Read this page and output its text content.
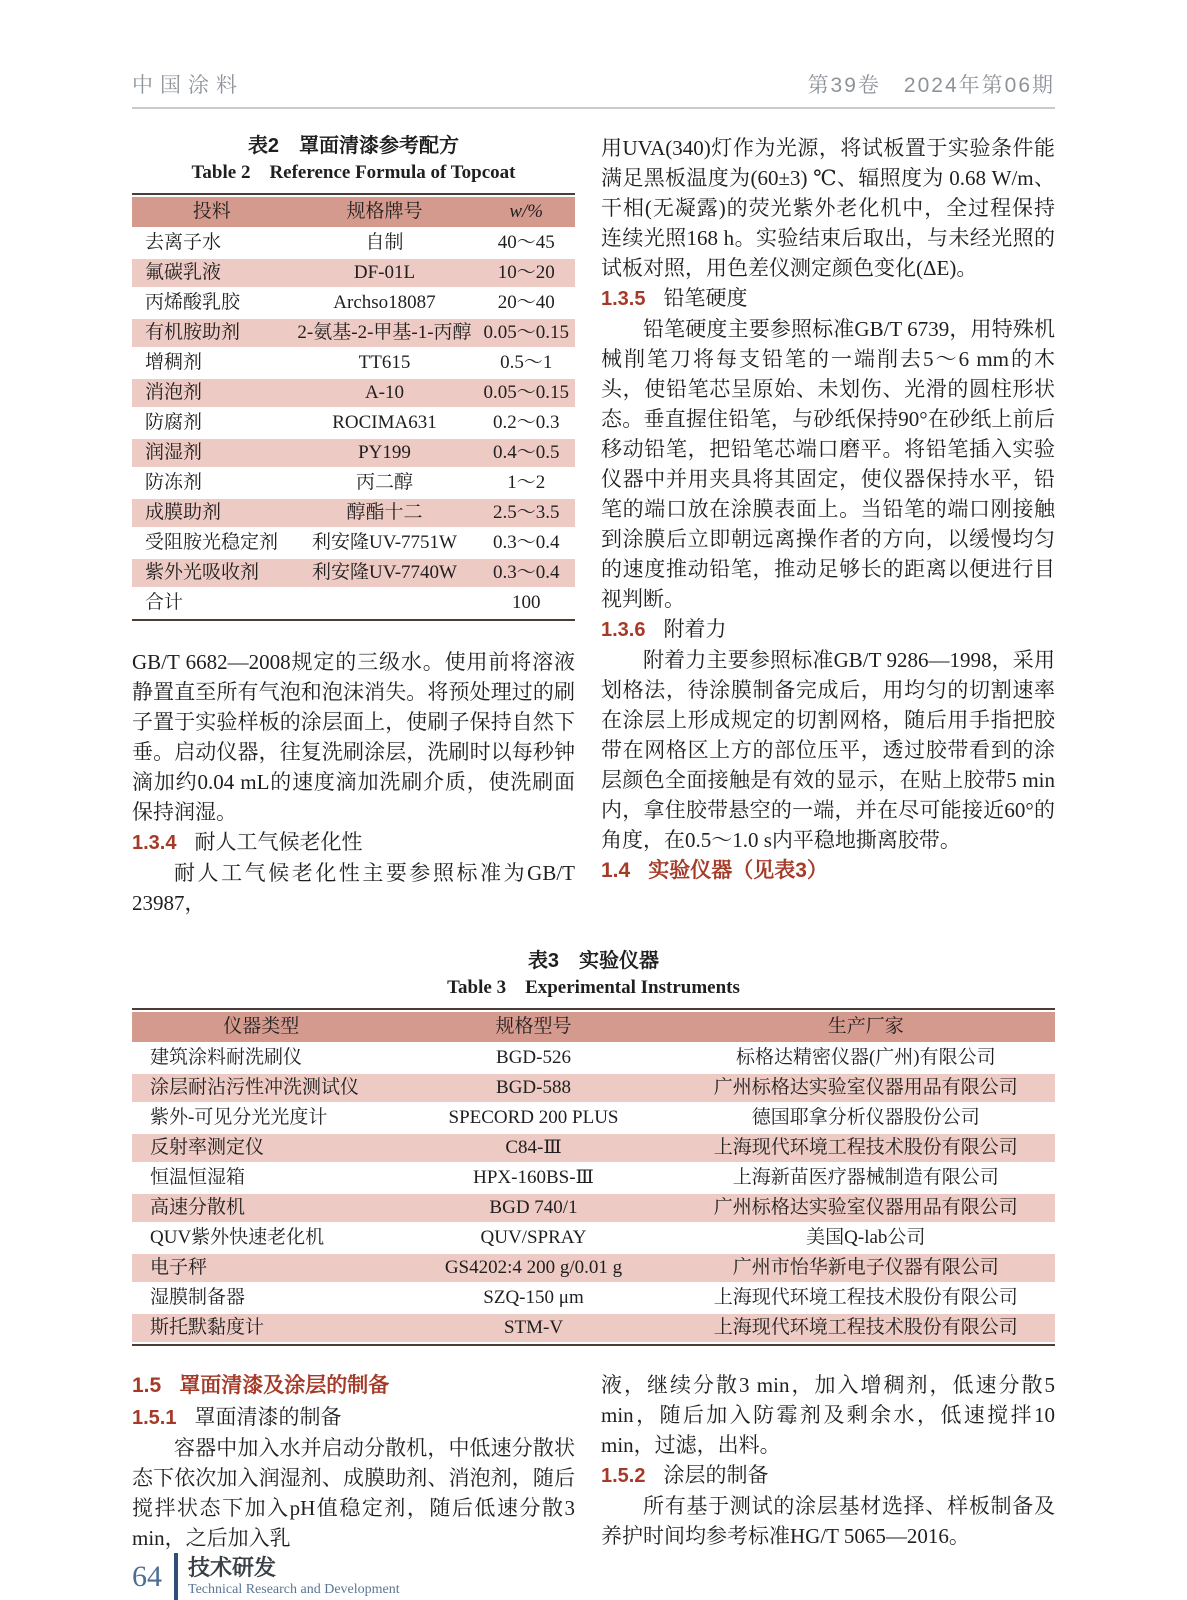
中国涂料	第39卷　2024年第06期

表2　罩面清漆参考配方

Table 2　Reference Formula of Topcoat

投料	规格牌号	w/%
去离子水	自制	40～45
氟碳乳液	DF-01L	10～20
丙烯酸乳胶	Archso18087	20～40
有机胺助剂	2-氨基-2-甲基-1-丙醇	0.05～0.15
增稠剂	TT615	0.5～1
消泡剂	A-10	0.05～0.15
防腐剂	ROCIMA631	0.2～0.3
润湿剂	PY199	0.4～0.5
防冻剂	丙二醇	1～2
成膜助剂	醇酯十二	2.5～3.5
受阻胺光稳定剂	利安隆UV-7751W	0.3～0.4
紫外光吸收剂	利安隆UV-7740W	0.3～0.4
合计		100

GB/T 6682—2008规定的三级水。使用前将溶液静置直至所有气泡和泡沫消失。将预处理过的刷子置于实验样板的涂层面上，使刷子保持自然下垂。启动仪器，往复洗刷涂层，洗刷时以每秒钟滴加约0.04 mL的速度滴加洗刷介质，使洗刷面保持润湿。

1.3.4 耐人工气候老化性

耐人工气候老化性主要参照标准为GB/T 23987，

用UVA(340)灯作为光源，将试板置于实验条件能满足黑板温度为(60±3) ℃、辐照度为 0.68 W/m、干相(无凝露)的荧光紫外老化机中，全过程保持连续光照168 h。实验结束后取出，与未经光照的试板对照，用色差仪测定颜色变化(ΔE)。

1.3.5 铅笔硬度

铅笔硬度主要参照标准GB/T 6739，用特殊机械削笔刀将每支铅笔的一端削去5～6 mm的木头，使铅笔芯呈原始、未划伤、光滑的圆柱形状态。垂直握住铅笔，与砂纸保持90°在砂纸上前后移动铅笔，把铅笔芯端口磨平。将铅笔插入实验仪器中并用夹具将其固定，使仪器保持水平，铅笔的端口放在涂膜表面上。当铅笔的端口刚接触到涂膜后立即朝远离操作者的方向，以缓慢均匀的速度推动铅笔，推动足够长的距离以便进行目视判断。

1.3.6 附着力

附着力主要参照标准GB/T 9286—1998，采用划格法，待涂膜制备完成后，用均匀的切割速率在涂层上形成规定的切割网格，随后用手指把胶带在网格区上方的部位压平，透过胶带看到的涂层颜色全面接触是有效的显示，在贴上胶带5 min内，拿住胶带悬空的一端，并在尽可能接近60°的角度，在0.5～1.0 s内平稳地撕离胶带。

1.4 实验仪器（见表3）

表3　实验仪器

Table 3　Experimental Instruments

仪器类型	规格型号	生产厂家
建筑涂料耐洗刷仪	BGD-526	标格达精密仪器(广州)有限公司
涂层耐沾污性冲洗测试仪	BGD-588	广州标格达实验室仪器用品有限公司
紫外-可见分光光度计	SPECORD 200 PLUS	德国耶拿分析仪器股份公司
反射率测定仪	C84-Ⅲ	上海现代环境工程技术股份有限公司
恒温恒湿箱	HPX-160BS-Ⅲ	上海新苗医疗器械制造有限公司
高速分散机	BGD 740/1	广州标格达实验室仪器用品有限公司
QUV紫外快速老化机	QUV/SPRAY	美国Q-lab公司
电子秤	GS4202:4 200 g/0.01 g	广州市怡华新电子仪器有限公司
湿膜制备器	SZQ-150 μm	上海现代环境工程技术股份有限公司
斯托默黏度计	STM-V	上海现代环境工程技术股份有限公司

1.5 罩面清漆及涂层的制备

1.5.1 罩面清漆的制备

容器中加入水并启动分散机，中低速分散状态下依次加入润湿剂、成膜助剂、消泡剂，随后搅拌状态下加入pH值稳定剂，随后低速分散3 min，之后加入乳

液，继续分散3 min，加入增稠剂，低速分散5 min，随后加入防霉剂及剩余水，低速搅拌10 min，过滤，出料。

1.5.2 涂层的制备

所有基于测试的涂层基材选择、样板制备及养护时间均参考标准HG/T 5065—2016。

64 技术研发
Technical Research and Development
